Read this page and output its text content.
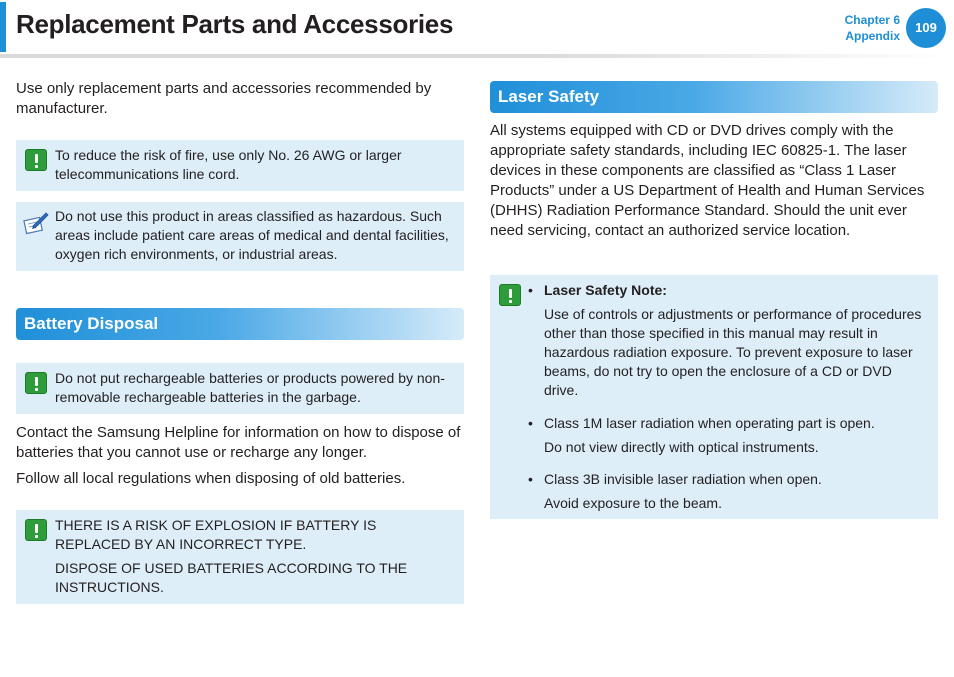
Replacement Parts and Accessories	Chapter 6
Appendix
109
Use only replacement parts and accessories recommended by manufacturer.
To reduce the risk of fire, use only No. 26 AWG or larger telecommunications line cord.
Do not use this product in areas classified as hazardous. Such areas include patient care areas of medical and dental facilities, oxygen rich environments, or industrial areas.
Battery Disposal
Do not put rechargeable batteries or products powered by non-removable rechargeable batteries in the garbage.
Contact the Samsung Helpline for information on how to dispose of batteries that you cannot use or recharge any longer.
Follow all local regulations when disposing of old batteries.
THERE IS A RISK OF EXPLOSION IF BATTERY IS REPLACED BY AN INCORRECT TYPE.
DISPOSE OF USED BATTERIES ACCORDING TO THE INSTRUCTIONS.
Laser Safety
All systems equipped with CD or DVD drives comply with the appropriate safety standards, including IEC 60825-1. The laser devices in these components are classified as “Class 1 Laser Products” under a US Department of Health and Human Services (DHHS) Radiation Performance Standard. Should the unit ever need servicing, contact an authorized service location.
• Laser Safety Note:
Use of controls or adjustments or performance of procedures other than those specified in this manual may result in hazardous radiation exposure. To prevent exposure to laser beams, do not try to open the enclosure of a CD or DVD drive.
• Class 1M laser radiation when operating part is open.
Do not view directly with optical instruments.
• Class 3B invisible laser radiation when open.
Avoid exposure to the beam.
